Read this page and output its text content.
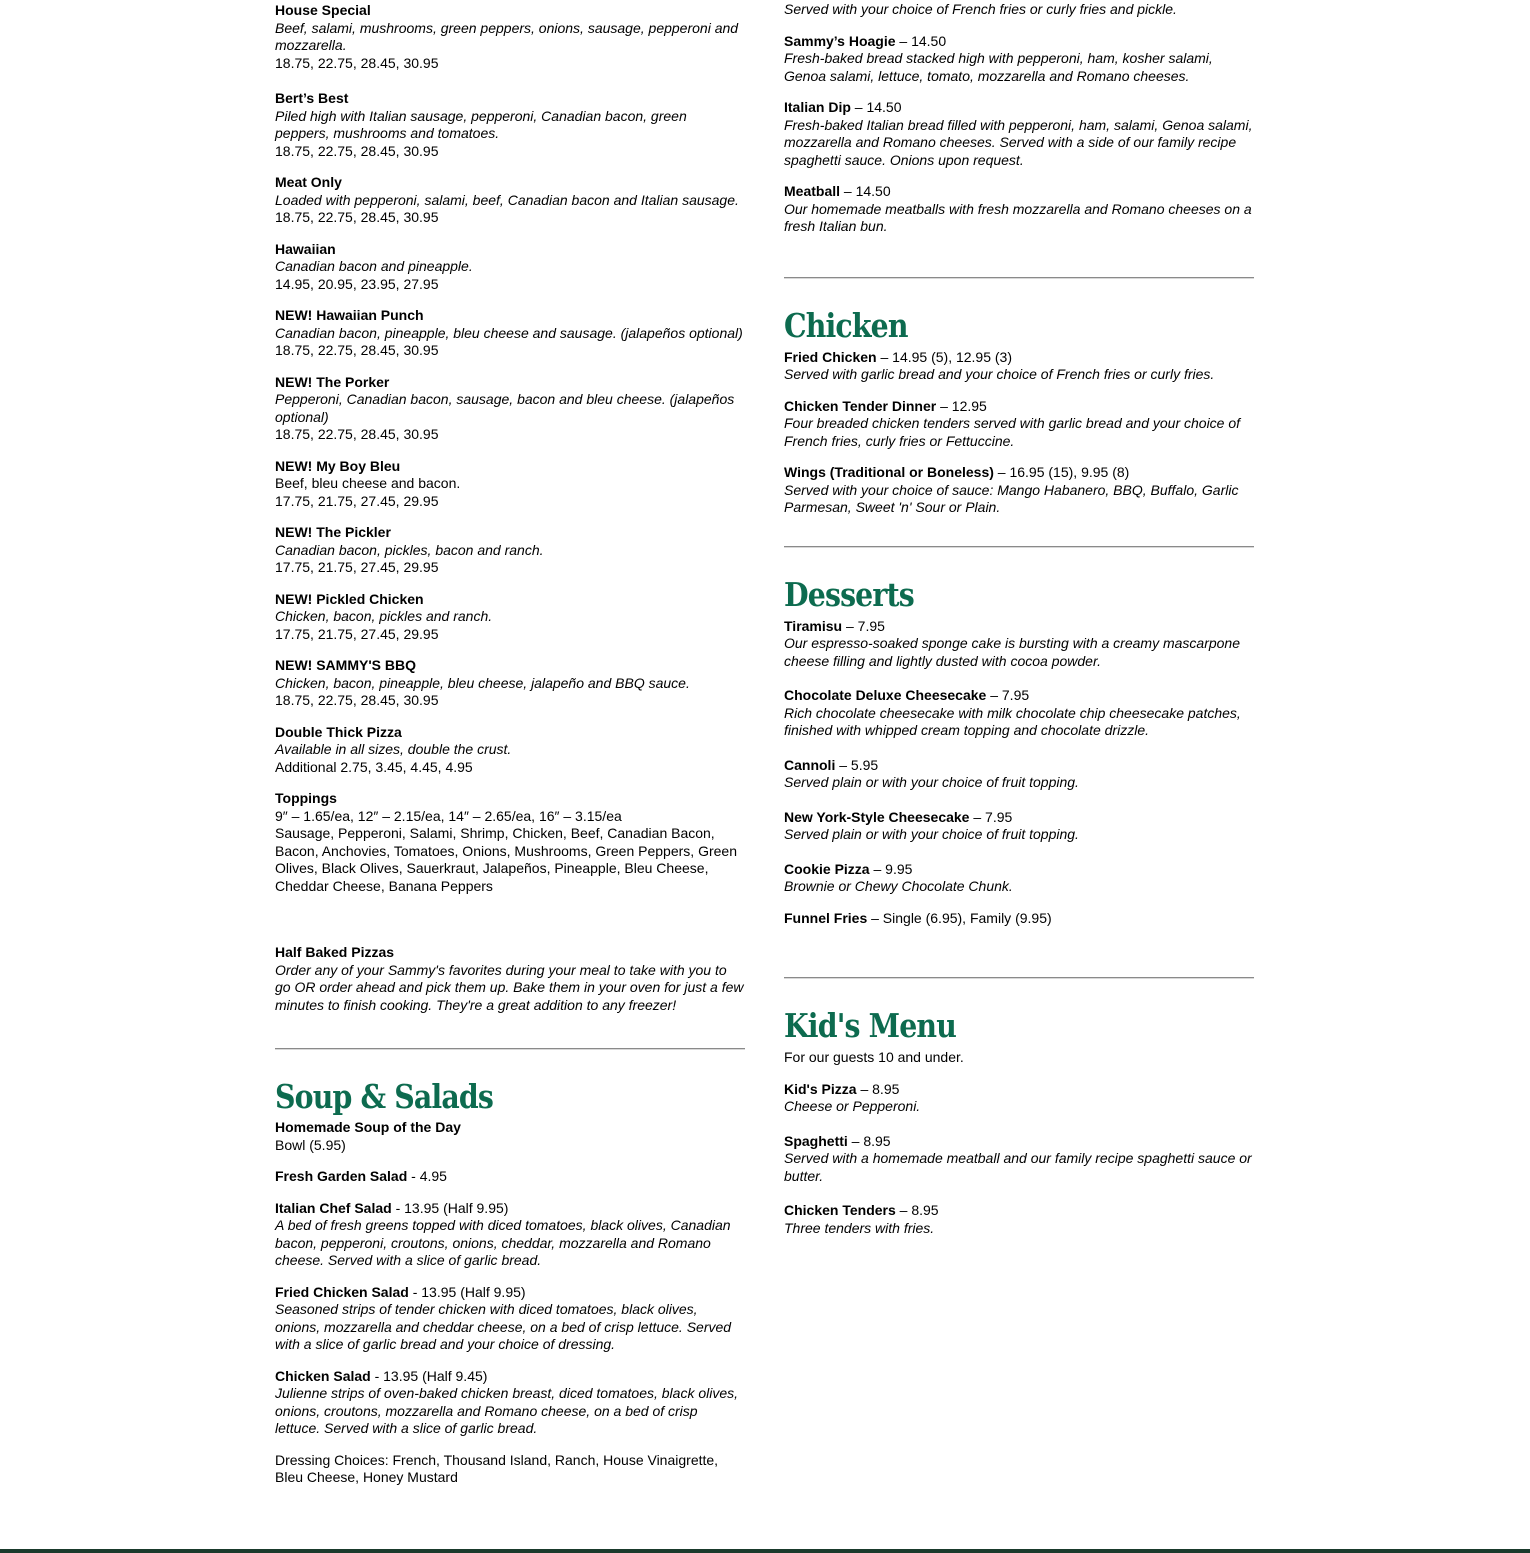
House Special

Beef, salami, mushrooms, green peppers, onions, sausage, pepperoni and mozzarella.

18.75, 22.75, 28.45, 30.95

Bert’s Best

Piled high with Italian sausage, pepperoni, Canadian bacon, green peppers, mushrooms and tomatoes.

18.75, 22.75, 28.45, 30.95

Meat Only

Loaded with pepperoni, salami, beef, Canadian bacon and Italian sausage.

18.75, 22.75, 28.45, 30.95

Hawaiian

Canadian bacon and pineapple.

14.95, 20.95, 23.95, 27.95

NEW! Hawaiian Punch

Canadian bacon, pineapple, bleu cheese and sausage. (jalapeños optional)

18.75, 22.75, 28.45, 30.95

NEW! The Porker

Pepperoni, Canadian bacon, sausage, bacon and bleu cheese. (jalapeños optional)

18.75, 22.75, 28.45, 30.95

NEW! My Boy Bleu

Beef, bleu cheese and bacon.

17.75, 21.75, 27.45, 29.95

NEW! The Pickler

Canadian bacon, pickles, bacon and ranch.

17.75, 21.75, 27.45, 29.95

NEW! Pickled Chicken

Chicken, bacon, pickles and ranch.

17.75, 21.75, 27.45, 29.95

NEW! SAMMY'S BBQ

Chicken, bacon, pineapple, bleu cheese, jalapeño and BBQ sauce.

18.75, 22.75, 28.45, 30.95

Double Thick Pizza

Available in all sizes, double the crust.

Additional 2.75, 3.45, 4.45, 4.95

Toppings

9″ – 1.65/ea, 12″ – 2.15/ea, 14″ – 2.65/ea, 16″ – 3.15/ea

Sausage, Pepperoni, Salami, Shrimp, Chicken, Beef, Canadian Bacon, Bacon, Anchovies, Tomatoes, Onions, Mushrooms, Green Peppers, Green Olives, Black Olives, Sauerkraut, Jalapeños, Pineapple, Bleu Cheese, Cheddar Cheese, Banana Peppers

Half Baked Pizzas

Order any of your Sammy's favorites during your meal to take with you to go OR order ahead and pick them up. Bake them in your oven for just a few minutes to finish cooking. They're a great addition to any freezer!

Soup & Salads

Homemade Soup of the Day

Bowl (5.95)

Fresh Garden Salad - 4.95

Italian Chef Salad - 13.95 (Half 9.95)

A bed of fresh greens topped with diced tomatoes, black olives, Canadian bacon, pepperoni, croutons, onions, cheddar, mozzarella and Romano cheese. Served with a slice of garlic bread.

Fried Chicken Salad - 13.95 (Half 9.95)

Seasoned strips of tender chicken with diced tomatoes, black olives, onions, mozzarella and cheddar cheese, on a bed of crisp lettuce. Served with a slice of garlic bread and your choice of dressing.

Chicken Salad - 13.95 (Half 9.45)

Julienne strips of oven-baked chicken breast, diced tomatoes, black olives, onions, croutons, mozzarella and Romano cheese, on a bed of crisp lettuce. Served with a slice of garlic bread.

Dressing Choices: French, Thousand Island, Ranch, House Vinaigrette, Bleu Cheese, Honey Mustard

Served with your choice of French fries or curly fries and pickle.

Sammy’s Hoagie – 14.50

Fresh-baked bread stacked high with pepperoni, ham, kosher salami, Genoa salami, lettuce, tomato, mozzarella and Romano cheeses.

Italian Dip – 14.50

Fresh-baked Italian bread filled with pepperoni, ham, salami, Genoa salami, mozzarella and Romano cheeses. Served with a side of our family recipe spaghetti sauce. Onions upon request.

Meatball – 14.50

Our homemade meatballs with fresh mozzarella and Romano cheeses on a fresh Italian bun.

Chicken

Fried Chicken – 14.95 (5), 12.95 (3)

Served with garlic bread and your choice of French fries or curly fries.

Chicken Tender Dinner – 12.95

Four breaded chicken tenders served with garlic bread and your choice of French fries, curly fries or Fettuccine.

Wings (Traditional or Boneless) – 16.95 (15), 9.95 (8)

Served with your choice of sauce: Mango Habanero, BBQ, Buffalo, Garlic Parmesan, Sweet 'n' Sour or Plain.

Desserts

Tiramisu – 7.95

Our espresso-soaked sponge cake is bursting with a creamy mascarpone cheese filling and lightly dusted with cocoa powder.

Chocolate Deluxe Cheesecake – 7.95

Rich chocolate cheesecake with milk chocolate chip cheesecake patches, finished with whipped cream topping and chocolate drizzle.

Cannoli – 5.95

Served plain or with your choice of fruit topping.

New York-Style Cheesecake – 7.95

Served plain or with your choice of fruit topping.

Cookie Pizza – 9.95

Brownie or Chewy Chocolate Chunk.

Funnel Fries – Single (6.95), Family (9.95)

Kid's Menu

For our guests 10 and under.

Kid's Pizza – 8.95

Cheese or Pepperoni.

Spaghetti – 8.95

Served with a homemade meatball and our family recipe spaghetti sauce or butter.

Chicken Tenders – 8.95

Three tenders with fries.
